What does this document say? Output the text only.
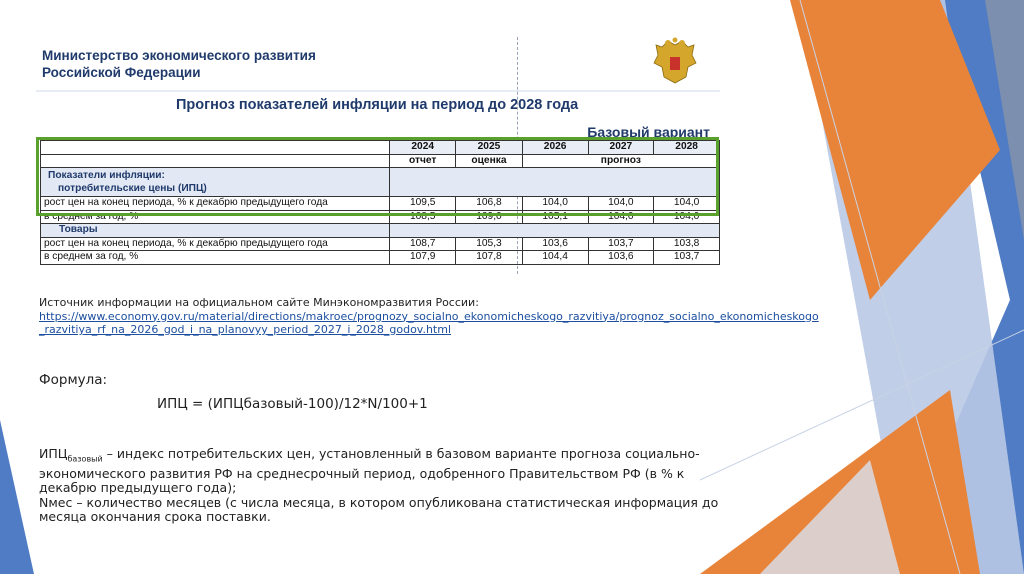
Министерство экономического развития
Российской Федерации
Прогноз показателей инфляции на период до 2028 года
Базовый вариант
	2024	2025	2026	2027	2028
	отчет	оценка	прогноз		

Показатели инфляции:
потребительские цены (ИПЦ)					

рост цен на конец периода, % к декабрю предыдущего года	109,5	106,8	104,0	104,0	104,0
в среднем за год, %	108,5	109,0	105,1	104,0	104,0
Товары					
рост цен на конец периода, % к декабрю предыдущего года	108,7	105,3	103,6	103,7	103,8
в среднем за год, %	107,9	107,8	104,4	103,6	103,7
Источник информации на официальном сайте Минэкономразвития России:
https://www.economy.gov.ru/material/directions/makroec/prognozy_socialno_ekonomicheskogo_razvitiya/prognoz_socialno_ekonomicheskogo
_razvitiya_rf_na_2026_god_i_na_planovyy_period_2027_i_2028_godov.html
Формула:
ИПЦ = (ИПЦбазовый-100)/12*N/100+1
$ИПЦ_{базовый}$ – индекс потребительских цен, установленный в базовом варианте прогноза социально-экономического развития РФ на среднесрочный период, одобренного Правительством РФ (в % к декабрю предыдущего года);
Nмес – количество месяцев (с числа месяца, в котором опубликована статистическая информация до месяца окончания срока поставки.
